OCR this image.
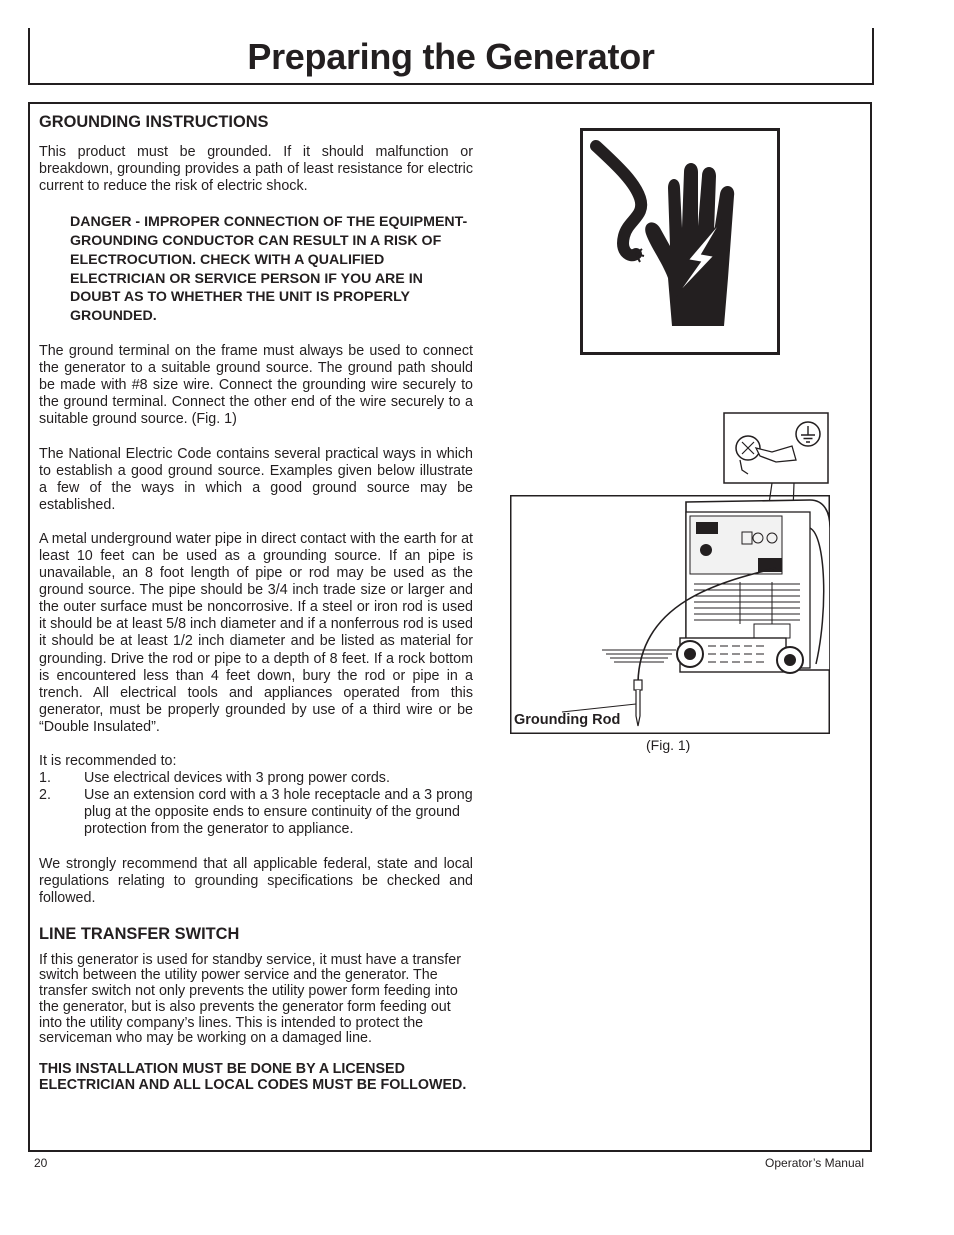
Preparing the Generator
GROUNDING INSTRUCTIONS

This product must be grounded. If it should malfunction or breakdown, grounding provides a path of least resistance for electric current to reduce the risk of electric shock.

DANGER - IMPROPER CONNECTION OF THE EQUIPMENT-GROUNDING CONDUCTOR CAN RESULT IN A RISK OF ELECTROCUTION. CHECK WITH A QUALIFIED ELECTRICIAN OR SERVICE PERSON IF YOU ARE IN DOUBT AS TO WHETHER THE UNIT IS PROPERLY GROUNDED.

The ground terminal on the frame must always be used to connect the generator to a suitable ground source. The ground path should be made with #8 size wire. Connect the grounding wire securely to the ground terminal. Connect the other end of the wire securely to a suitable ground source. (Fig. 1)

The National Electric Code contains several practical ways in which to establish a good ground source. Examples given below illustrate a few of the ways in which a good ground source may be established.

A metal underground water pipe in direct contact with the earth for at least 10 feet can be used as a grounding source. If an pipe is unavailable, an 8 foot length of pipe or rod may be used as the ground source. The pipe should be 3/4 inch trade size or larger and the outer surface must be noncorrosive. If a steel or iron rod is used it should be at least 5/8 inch diameter and if a nonferrous rod is used it should be at least 1/2 inch diameter and be listed as material for grounding. Drive the rod or pipe to a depth of 8 feet. If a rock bottom is encountered less than 4 feet down, bury the rod or pipe in a trench. All electrical tools and appliances operated from this generator, must be properly grounded by use of a third wire or be “Double Insulated”.

It is recommended to:

1.	Use electrical devices with 3 prong power cords.
2.	Use an extension cord with a 3 hole receptacle and a 3 prong plug at the opposite ends to ensure continuity of the ground protection from the generator to appliance.

We strongly recommend that all applicable federal, state and local regulations relating to grounding specifications be checked and followed.

LINE TRANSFER SWITCH

If this generator is used for standby service, it must have a transfer switch between the utility power service and the generator. The transfer switch not only prevents the utility power form feeding into the generator, but is also prevents the generator form feeding out into the utility company’s lines. This is intended to protect the serviceman who may be working on a damaged line.

THIS INSTALLATION MUST BE DONE BY A LICENSED ELECTRICIAN AND ALL LOCAL CODES MUST BE FOLLOWED.

Grounding Rod
(Fig. 1)
20	Operator’s Manual
